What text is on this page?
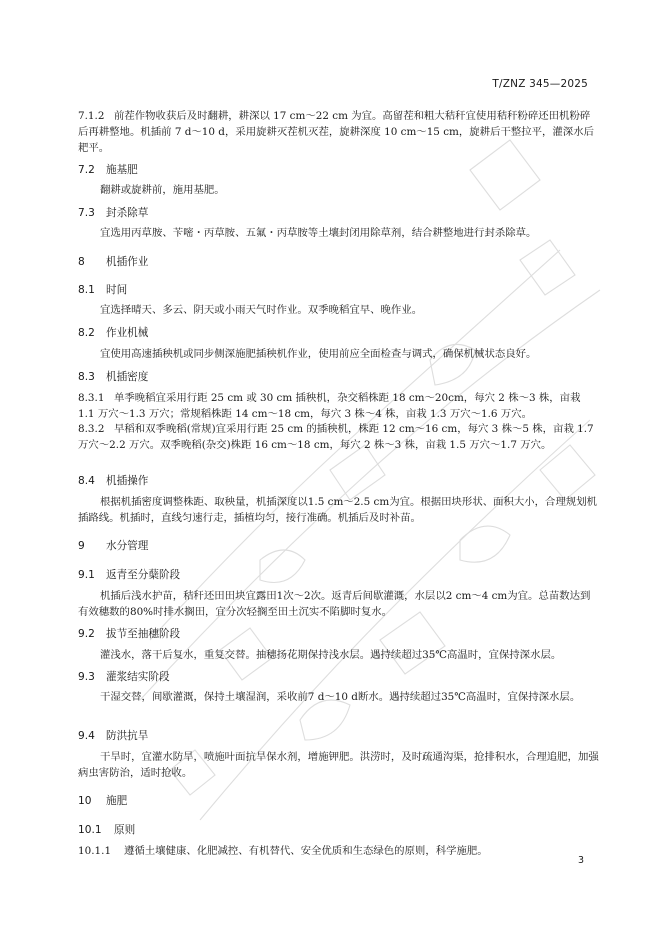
T/ZNZ 345—2025

7.1.2 前茬作物收获后及时翻耕，耕深以 17 cm～22 cm 为宜。高留茬和粗大秸秆宜使用秸秆粉碎还田机粉碎后再耕整地。机插前 7 d～10 d，采用旋耕灭茬机灭茬，旋耕深度 10 cm～15 cm，旋耕后干整拉平，灌深水后耙平。

7.2 施基肥

翻耕或旋耕前，施用基肥。

7.3 封杀除草

宜选用丙草胺、苄嘧・丙草胺、五氟・丙草胺等土壤封闭用除草剂，结合耕整地进行封杀除草。

8 机插作业
8.1 时间

宜选择晴天、多云、阴天或小雨天气时作业。双季晚稻宜早、晚作业。

8.2 作业机械

宜使用高速插秧机或同步侧深施肥插秧机作业，使用前应全面检查与调式，确保机械状态良好。

8.3 机插密度

8.3.1 单季晚稻宜采用行距 25 cm 或 30 cm 插秧机，杂交稻株距 18 cm～20cm，每穴 2 株～3 株，亩栽 1.1 万穴～1.3 万穴；常规稻株距 14 cm～18 cm，每穴 3 株～4 株，亩栽 1.3 万穴～1.6 万穴。

8.3.2 早稻和双季晚稻(常规)宜采用行距 25 cm 的插秧机，株距 12 cm～16 cm，每穴 3 株～5 株，亩栽 1.7 万穴～2.2 万穴。双季晚稻(杂交)株距 16 cm～18 cm，每穴 2 株～3 株，亩栽 1.5 万穴～1.7 万穴。

8.4 机插操作

根据机插密度调整株距、取秧量，机插深度以1.5 cm～2.5 cm为宜。根据田块形状、面积大小，合理规划机插路线。机插时，直线匀速行走，插植均匀，接行准确。机插后及时补苗。

9 水分管理
9.1 返青至分蘖阶段

机插后浅水护苗，秸秆还田田块宜露田1次～2次。返青后间歇灌溉，水层以2 cm～4 cm为宜。总苗数达到有效穗数的80%时排水搁田，宜分次轻搁至田土沉实不陷脚时复水。

9.2 拔节至抽穗阶段

灌浅水，落干后复水，重复交替。抽穗扬花期保持浅水层。遇持续超过35℃高温时，宜保持深水层。

9.3 灌浆结实阶段

干湿交替，间歇灌溉，保持土壤湿润，采收前7 d～10 d断水。遇持续超过35℃高温时，宜保持深水层。

9.4 防洪抗旱

干旱时，宜灌水防旱，喷施叶面抗旱保水剂，增施钾肥。洪涝时，及时疏通沟渠，抢排积水，合理追肥，加强病虫害防治，适时抢收。

10 施肥
10.1 原则

10.1.1 遵循土壤健康、化肥减控、有机替代、安全优质和生态绿色的原则，科学施肥。

3
